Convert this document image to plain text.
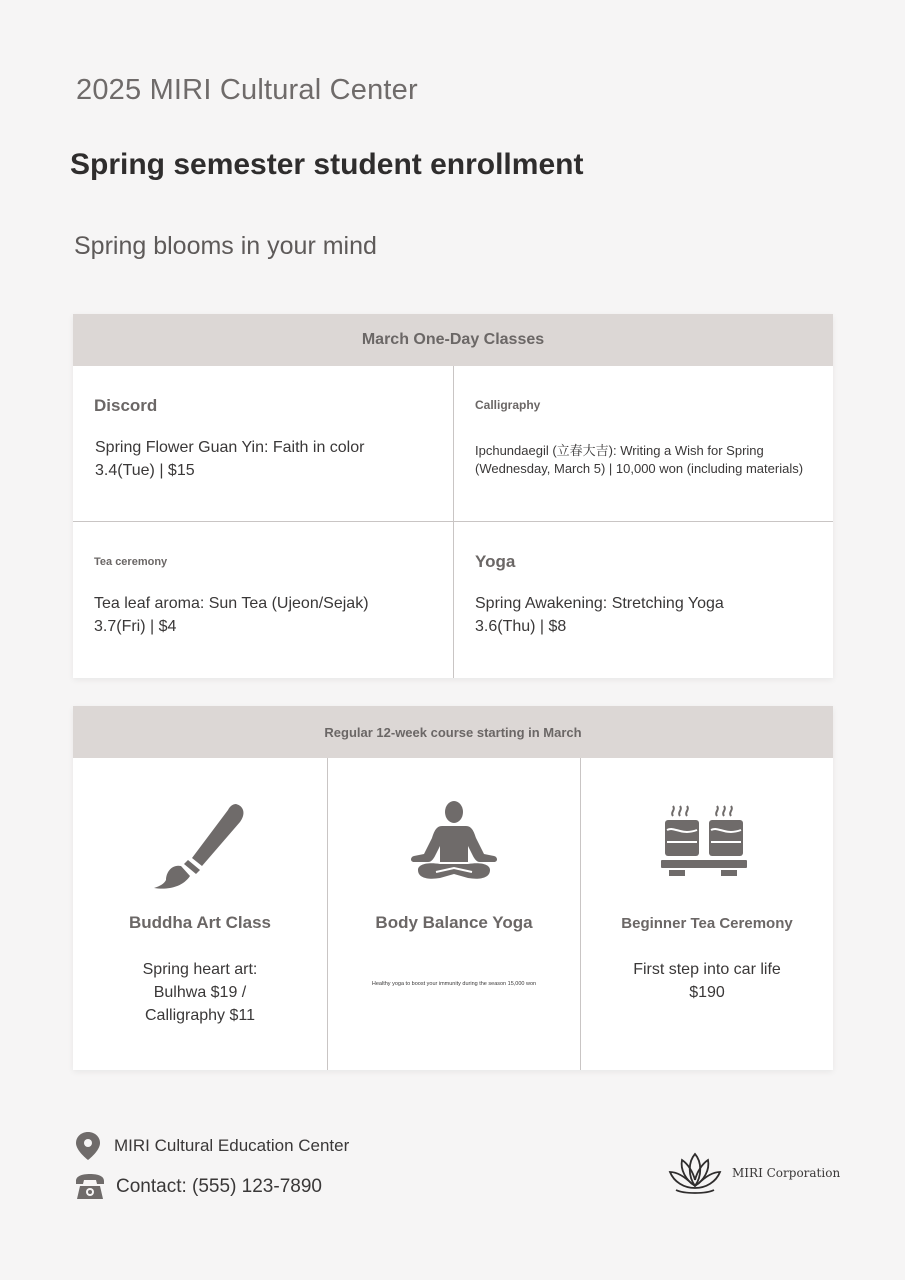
2025 MIRI Cultural Center
Spring semester student enrollment
Spring blooms in your mind
March One-Day Classes
Discord
Spring Flower Guan Yin: Faith in color
3.4(Tue) | $15
Calligraphy
Ipchundaegil (立春大吉): Writing a Wish for Spring
(Wednesday, March 5) | 10,000 won (including materials)
Tea ceremony
Tea leaf aroma: Sun Tea (Ujeon/Sejak)
3.7(Fri) | $4
Yoga
Spring Awakening: Stretching Yoga
3.6(Thu) | $8
Regular 12-week course starting in March
Buddha Art Class
Spring heart art:
Bulhwa $19 /
Calligraphy $11
Body Balance Yoga
Healthy yoga to boost your immunity during the season 15,000 won
Beginner Tea Ceremony
First step into car life
$190
MIRI Cultural Education Center
Contact: (555) 123-7890
MIRI Corporation
